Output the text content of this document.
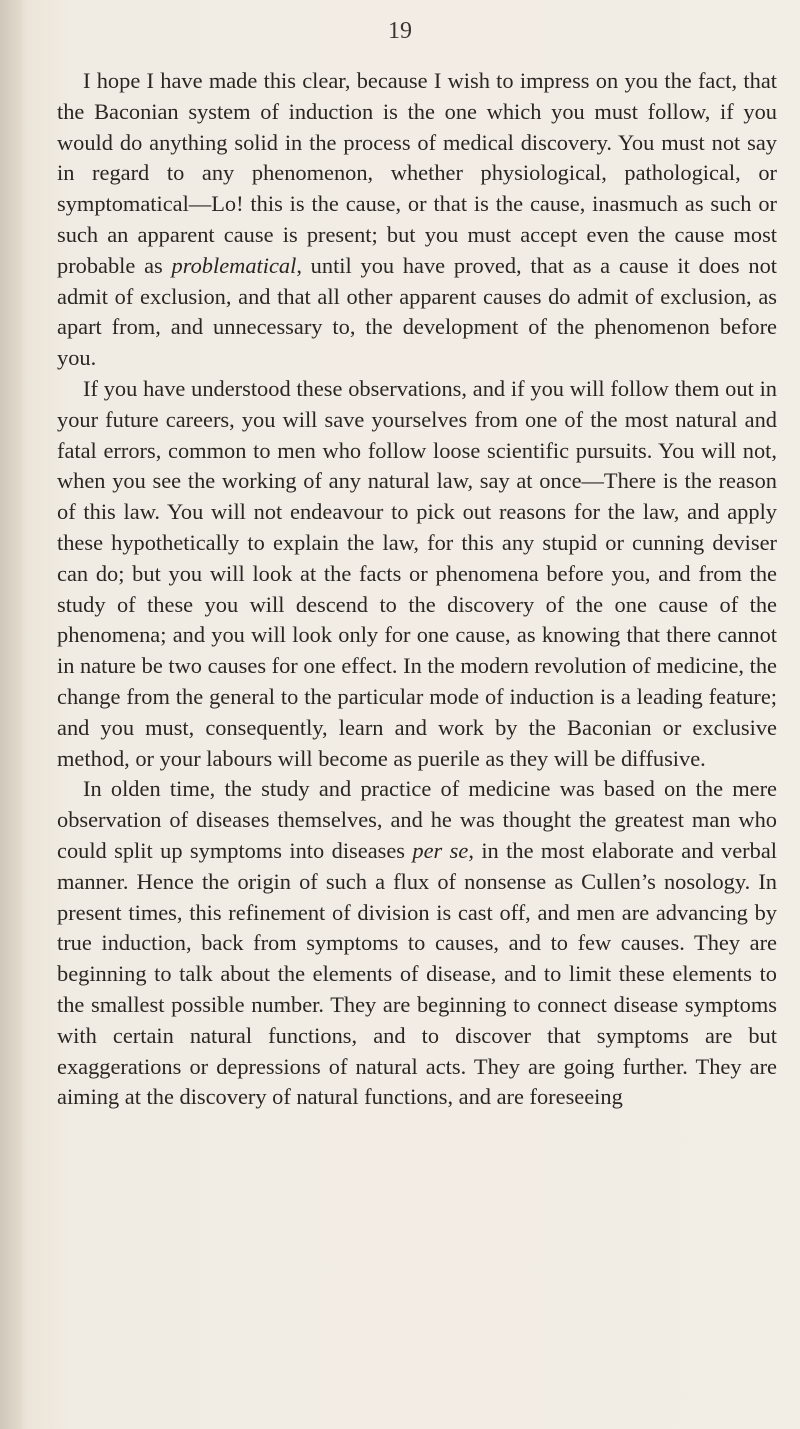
19

I hope I have made this clear, because I wish to impress on you the fact, that the Baconian system of induction is the one which you must follow, if you would do anything solid in the process of medical discovery. You must not say in regard to any phenomenon, whether physiological, pathological, or symptomatical—Lo! this is the cause, or that is the cause, inasmuch as such or such an apparent cause is present; but you must accept even the cause most probable as problematical, until you have proved, that as a cause it does not admit of exclusion, and that all other apparent causes do admit of exclusion, as apart from, and unnecessary to, the development of the phenomenon before you.

If you have understood these observations, and if you will follow them out in your future careers, you will save yourselves from one of the most natural and fatal errors, common to men who follow loose scientific pursuits. You will not, when you see the working of any natural law, say at once—There is the reason of this law. You will not endeavour to pick out reasons for the law, and apply these hypothetically to explain the law, for this any stupid or cunning deviser can do; but you will look at the facts or phenomena before you, and from the study of these you will descend to the discovery of the one cause of the phenomena; and you will look only for one cause, as knowing that there cannot in nature be two causes for one effect. In the modern revolution of medicine, the change from the general to the particular mode of induction is a leading feature; and you must, consequently, learn and work by the Baconian or exclusive method, or your labours will become as puerile as they will be diffusive.

In olden time, the study and practice of medicine was based on the mere observation of diseases themselves, and he was thought the greatest man who could split up symptoms into diseases per se, in the most elaborate and verbal manner. Hence the origin of such a flux of nonsense as Cullen’s nosology. In present times, this refinement of division is cast off, and men are advancing by true induction, back from symptoms to causes, and to few causes. They are beginning to talk about the elements of disease, and to limit these elements to the smallest possible number. They are beginning to connect disease symptoms with certain natural functions, and to discover that symptoms are but exaggerations or depressions of natural acts. They are going further. They are aiming at the discovery of natural functions, and are foreseeing
